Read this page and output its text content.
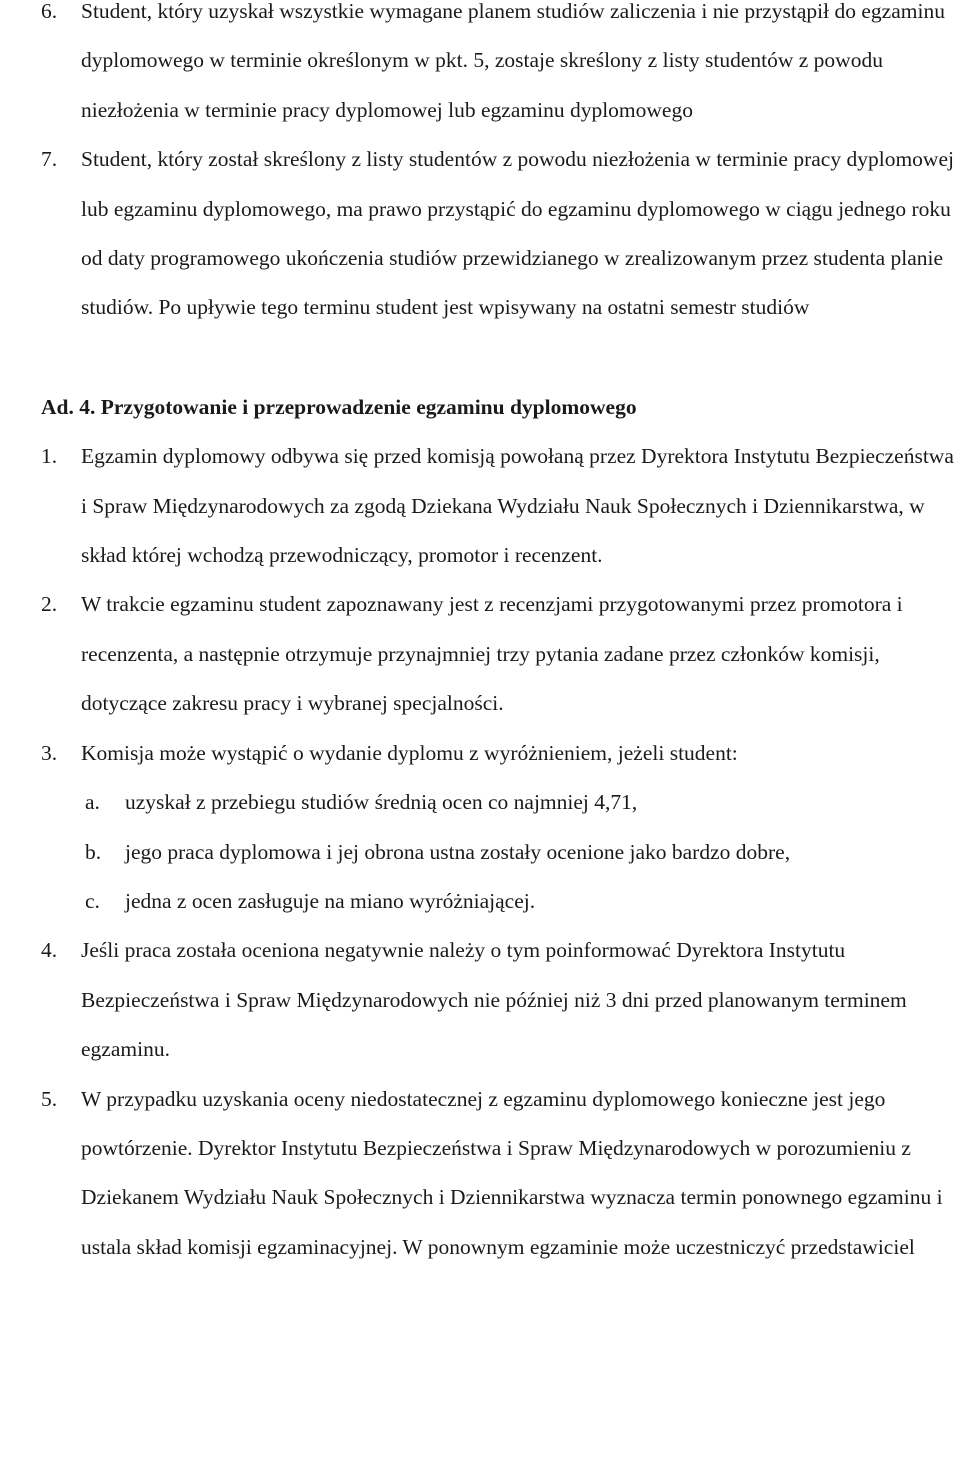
6. Student, który uzyskał wszystkie wymagane planem studiów zaliczenia i nie przystąpił do egzaminu dyplomowego w terminie określonym w pkt. 5, zostaje skreślony z listy studentów z powodu niezłożenia w terminie pracy dyplomowej lub egzaminu dyplomowego
7. Student, który został skreślony z listy studentów z powodu niezłożenia w terminie pracy dyplomowej lub egzaminu dyplomowego, ma prawo przystąpić do egzaminu dyplomowego w ciągu jednego roku od daty programowego ukończenia studiów przewidzianego w zrealizowanym przez studenta planie studiów. Po upływie tego terminu student jest wpisywany na ostatni semestr studiów
Ad. 4. Przygotowanie i przeprowadzenie egzaminu dyplomowego
1. Egzamin dyplomowy odbywa się przed komisją powołaną przez Dyrektora Instytutu Bezpieczeństwa i Spraw Międzynarodowych za zgodą Dziekana Wydziału Nauk Społecznych i Dziennikarstwa, w skład której wchodzą przewodniczący, promotor i recenzent.
2. W trakcie egzaminu student zapoznawany jest z recenzjami przygotowanymi przez promotora i recenzenta, a następnie otrzymuje przynajmniej trzy pytania zadane przez członków komisji, dotyczące zakresu pracy i wybranej specjalności.
3. Komisja może wystąpić o wydanie dyplomu z wyróżnieniem, jeżeli student:
a. uzyskał z przebiegu studiów średnią ocen co najmniej 4,71,
b. jego praca dyplomowa i jej obrona ustna zostały ocenione jako bardzo dobre,
c. jedna z ocen zasługuje na miano wyróżniającej.
4. Jeśli praca została oceniona negatywnie należy o tym poinformować Dyrektora Instytutu Bezpieczeństwa i Spraw Międzynarodowych nie później niż 3 dni przed planowanym terminem egzaminu.
5. W przypadku uzyskania oceny niedostatecznej z egzaminu dyplomowego konieczne jest jego powtórzenie. Dyrektor Instytutu Bezpieczeństwa i Spraw Międzynarodowych w porozumieniu z Dziekanem Wydziału Nauk Społecznych i Dziennikarstwa wyznacza termin ponownego egzaminu i ustala skład komisji egzaminacyjnej. W ponownym egzaminie może uczestniczyć przedstawiciel
